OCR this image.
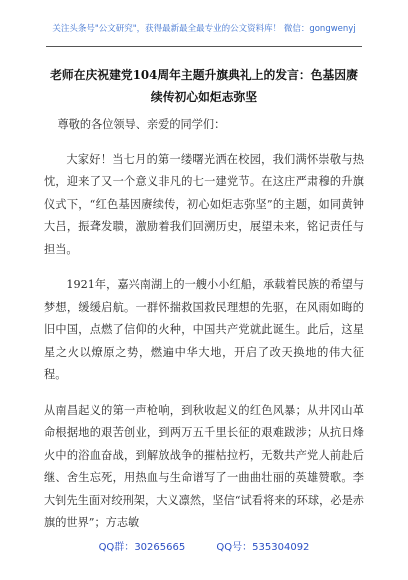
关注头条号"公文研究"，获得最新最全最专业的公文资料库！ 微信：gongwenyj
老师在庆祝建党104周年主题升旗典礼上的发言：色基因赓
续传初心如炬志弥坚

尊敬的各位领导、亲爱的同学们：

大家好！当七月的第一缕曙光洒在校园，我们满怀崇敬与热忱，迎来了又一个意义非凡的七一建党节。在这庄严肃穆的升旗仪式下，“红色基因赓续传，初心如炬志弥坚”的主题，如同黄钟大吕，振聋发聩，激励着我们回溯历史，展望未来，铭记责任与担当。

1921年，嘉兴南湖上的一艘小小红船，承载着民族的希望与梦想，缓缓启航。一群怀揣救国救民理想的先驱，在风雨如晦的旧中国，点燃了信仰的火种，中国共产党就此诞生。此后，这星星之火以燎原之势，燃遍中华大地，开启了改天换地的伟大征程。

从南昌起义的第一声枪响，到秋收起义的红色风暴；从井冈山革命根据地的艰苦创业，到两万五千里长征的艰难跋涉；从抗日烽火中的浴血奋战，到解放战争的摧枯拉朽，无数共产党人前赴后继、舍生忘死，用热血与生命谱写了一曲曲壮丽的英雄赞歌。李大钊先生面对绞刑架，大义凛然，坚信“试看将来的环球，必是赤旗的世界”；方志敏

QQ群：30265665	QQ号：535304092
